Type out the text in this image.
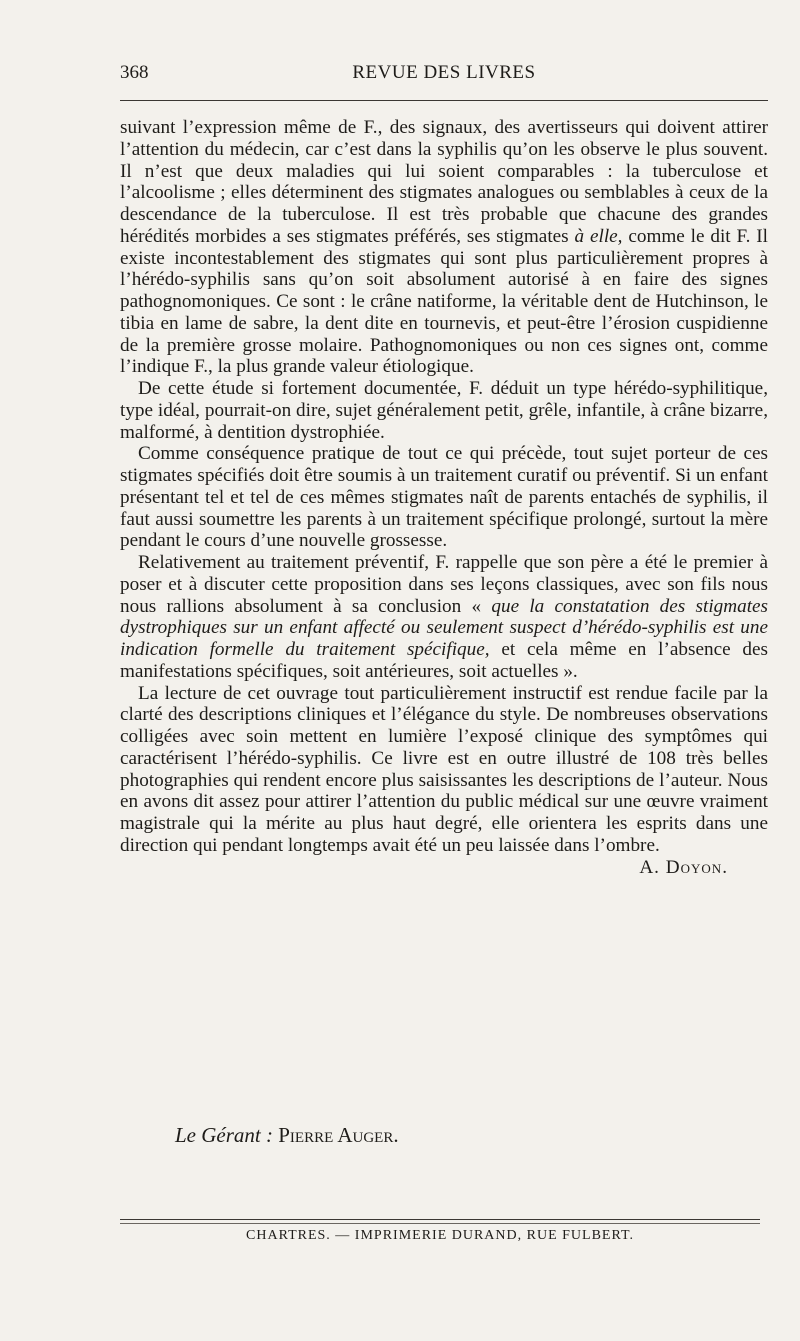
368	REVUE DES LIVRES

suivant l’expression même de F., des signaux, des avertisseurs qui doivent attirer l’attention du médecin, car c’est dans la syphilis qu’on les observe le plus souvent. Il n’est que deux maladies qui lui soient comparables : la tuberculose et l’alcoolisme ; elles déterminent des stigmates analogues ou semblables à ceux de la descendance de la tuberculose. Il est très probable que chacune des grandes hérédités morbides a ses stigmates préférés, ses stigmates à elle, comme le dit F. Il existe incontestablement des stigmates qui sont plus particulièrement propres à l’hérédo-syphilis sans qu’on soit absolument autorisé à en faire des signes pathognomoniques. Ce sont : le crâne natiforme, la véritable dent de Hutchinson, le tibia en lame de sabre, la dent dite en tournevis, et peut-être l’érosion cuspidienne de la première grosse molaire. Pathognomoniques ou non ces signes ont, comme l’indique F., la plus grande valeur étiologique.

De cette étude si fortement documentée, F. déduit un type hérédo-syphilitique, type idéal, pourrait-on dire, sujet généralement petit, grêle, infantile, à crâne bizarre, malformé, à dentition dystrophiée.

Comme conséquence pratique de tout ce qui précède, tout sujet porteur de ces stigmates spécifiés doit être soumis à un traitement curatif ou préventif. Si un enfant présentant tel et tel de ces mêmes stigmates naît de parents entachés de syphilis, il faut aussi soumettre les parents à un traitement spécifique prolongé, surtout la mère pendant le cours d’une nouvelle grossesse.

Relativement au traitement préventif, F. rappelle que son père a été le premier à poser et à discuter cette proposition dans ses leçons classiques, avec son fils nous nous rallions absolument à sa conclusion « que la constatation des stigmates dystrophiques sur un enfant affecté ou seulement suspect d’hérédo-syphilis est une indication formelle du traitement spécifique, et cela même en l’absence des manifestations spécifiques, soit antérieures, soit actuelles ».

La lecture de cet ouvrage tout particulièrement instructif est rendue facile par la clarté des descriptions cliniques et l’élégance du style. De nombreuses observations colligées avec soin mettent en lumière l’exposé clinique des symptômes qui caractérisent l’hérédo-syphilis. Ce livre est en outre illustré de 108 très belles photographies qui rendent encore plus saisissantes les descriptions de l’auteur. Nous en avons dit assez pour attirer l’attention du public médical sur une œuvre vraiment magistrale qui la mérite au plus haut degré, elle orientera les esprits dans une direction qui pendant longtemps avait été un peu laissée dans l’ombre.

A. Doyon.

Le Gérant : Pierre Auger.
CHARTRES. — IMPRIMERIE DURAND, RUE FULBERT.
